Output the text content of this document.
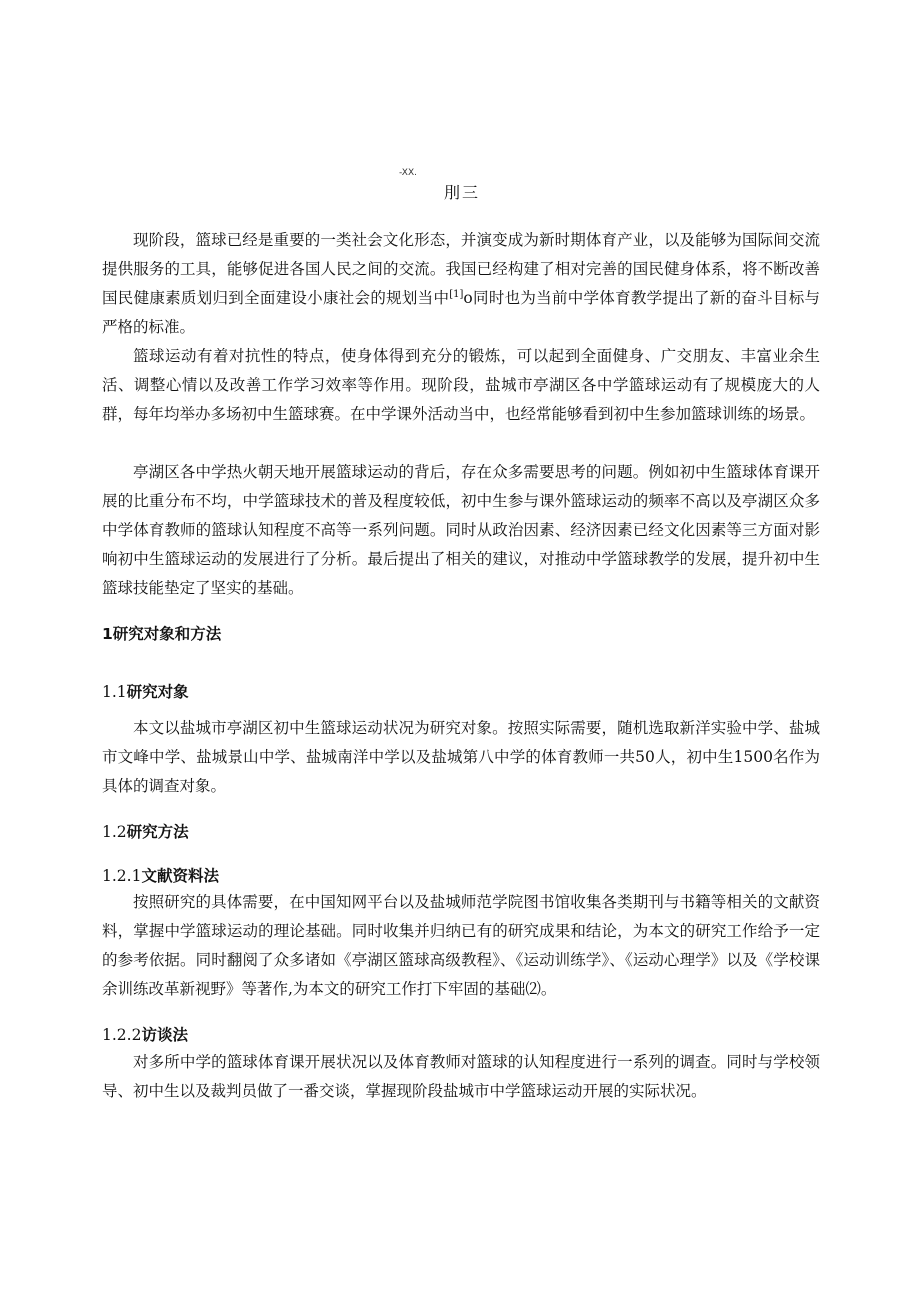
-XX.
刖三

现阶段，篮球已经是重要的一类社会文化形态，并演变成为新时期体育产业，以及能够为国际间交流提供服务的工具，能够促进各国人民之间的交流。我国已经构建了相对完善的国民健身体系，将不断改善国民健康素质划归到全面建设小康社会的规划当中[1]o同时也为当前中学体育教学提出了新的奋斗目标与严格的标准。

篮球运动有着对抗性的特点，使身体得到充分的锻炼，可以起到全面健身、广交朋友、丰富业余生活、调整心情以及改善工作学习效率等作用。现阶段，盐城市亭湖区各中学篮球运动有了规模庞大的人群，每年均举办多场初中生篮球赛。在中学课外活动当中，也经常能够看到初中生参加篮球训练的场景。

亭湖区各中学热火朝天地开展篮球运动的背后，存在众多需要思考的问题。例如初中生篮球体育课开展的比重分布不均，中学篮球技术的普及程度较低，初中生参与课外篮球运动的频率不高以及亭湖区众多中学体育教师的篮球认知程度不高等一系列问题。同时从政治因素、经济因素已经文化因素等三方面对影响初中生篮球运动的发展进行了分析。最后提出了相关的建议，对推动中学篮球教学的发展，提升初中生篮球技能垫定了坚实的基础。

1研究对象和方法
1.1研究对象

本文以盐城市亭湖区初中生篮球运动状况为研究对象。按照实际需要，随机选取新洋实验中学、盐城市文峰中学、盐城景山中学、盐城南洋中学以及盐城第八中学的体育教师一共50人，初中生1500名作为具体的调查对象。

1.2研究方法
1.2.1文献资料法

按照研究的具体需要，在中国知网平台以及盐城师范学院图书馆收集各类期刊与书籍等相关的文献资料，掌握中学篮球运动的理论基础。同时收集并归纳已有的研究成果和结论，为本文的研究工作给予一定的参考依据。同时翻阅了众多诸如《亭湖区篮球高级教程》、《运动训练学》、《运动心理学》以及《学校课余训练改革新视野》等著作,为本文的研究工作打下牢固的基础⑵。

1.2.2访谈法

对多所中学的篮球体育课开展状况以及体育教师对篮球的认知程度进行一系列的调查。同时与学校领导、初中生以及裁判员做了一番交谈，掌握现阶段盐城市中学篮球运动开展的实际状况。
